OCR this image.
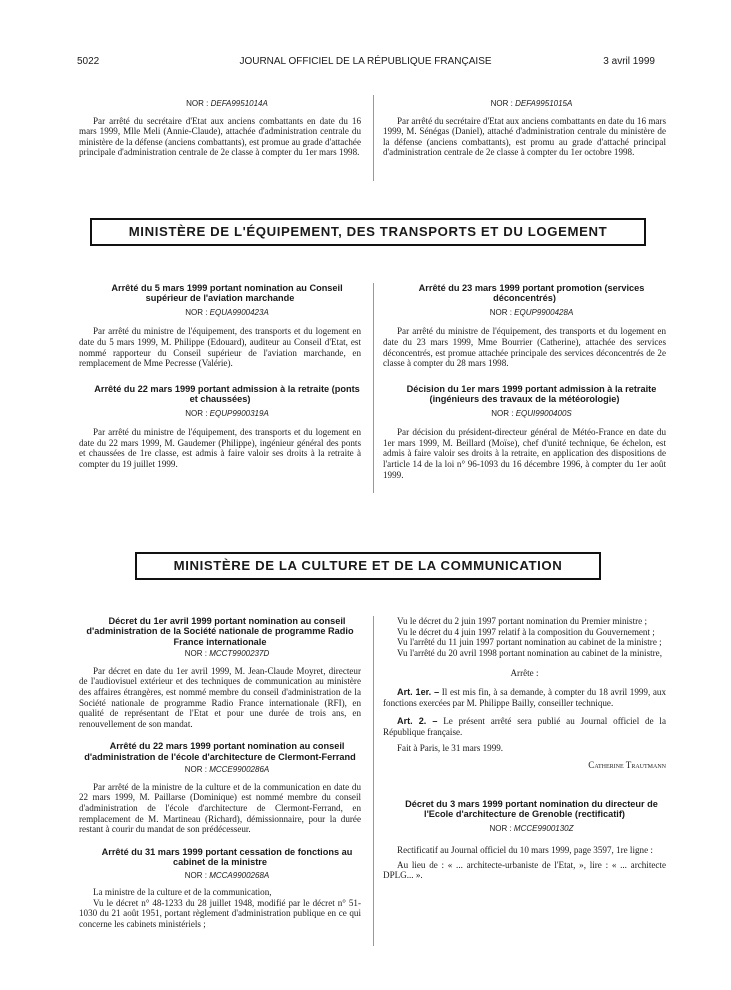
5022	JOURNAL OFFICIEL DE LA RÉPUBLIQUE FRANÇAISE	3 avril 1999

NOR : DEFA9951014A

Par arrêté du secrétaire d'Etat aux anciens combattants en date du 16 mars 1999, Mlle Meli (Annie-Claude), attachée d'administration centrale du ministère de la défense (anciens combattants), est promue au grade d'attachée principale d'administration centrale de 2e classe à compter du 1er mars 1998.

NOR : DEFA9951015A

Par arrêté du secrétaire d'Etat aux anciens combattants en date du 16 mars 1999, M. Sénégas (Daniel), attaché d'administration centrale du ministère de la défense (anciens combattants), est promu au grade d'attaché principal d'administration centrale de 2e classe à compter du 1er octobre 1998.

MINISTÈRE DE L'ÉQUIPEMENT, DES TRANSPORTS ET DU LOGEMENT

Arrêté du 5 mars 1999 portant nomination au Conseil supérieur de l'aviation marchande

NOR : EQUA9900423A

Par arrêté du ministre de l'équipement, des transports et du logement en date du 5 mars 1999, M. Philippe (Edouard), auditeur au Conseil d'Etat, est nommé rapporteur du Conseil supérieur de l'aviation marchande, en remplacement de Mme Pecresse (Valérie).

Arrêté du 22 mars 1999 portant admission à la retraite (ponts et chaussées)

NOR : EQUP9900319A

Par arrêté du ministre de l'équipement, des transports et du logement en date du 22 mars 1999, M. Gaudemer (Philippe), ingénieur général des ponts et chaussées de 1re classe, est admis à faire valoir ses droits à la retraite à compter du 19 juillet 1999.

Arrêté du 23 mars 1999 portant promotion (services déconcentrés)

NOR : EQUP9900428A

Par arrêté du ministre de l'équipement, des transports et du logement en date du 23 mars 1999, Mme Bourrier (Catherine), attachée des services déconcentrés, est promue attachée principale des services déconcentrés de 2e classe à compter du 28 mars 1998.

Décision du 1er mars 1999 portant admission à la retraite (ingénieurs des travaux de la météorologie)

NOR : EQUI9900400S

Par décision du président-directeur général de Météo-France en date du 1er mars 1999, M. Beillard (Moïse), chef d'unité technique, 6e échelon, est admis à faire valoir ses droits à la retraite, en application des dispositions de l'article 14 de la loi n° 96-1093 du 16 décembre 1996, à compter du 1er août 1999.

MINISTÈRE DE LA CULTURE ET DE LA COMMUNICATION

Décret du 1er avril 1999 portant nomination au conseil d'administration de la Société nationale de programme Radio France internationale

NOR : MCCT9900237D

Par décret en date du 1er avril 1999, M. Jean-Claude Moyret, directeur de l'audiovisuel extérieur et des techniques de communication au ministère des affaires étrangères, est nommé membre du conseil d'administration de la Société nationale de programme Radio France internationale (RFI), en qualité de représentant de l'Etat et pour une durée de trois ans, en renouvellement de son mandat.

Arrêté du 22 mars 1999 portant nomination au conseil d'administration de l'école d'architecture de Clermont-Ferrand

NOR : MCCE9900286A

Par arrêté de la ministre de la culture et de la communication en date du 22 mars 1999, M. Paillarse (Dominique) est nommé membre du conseil d'administration de l'école d'architecture de Clermont-Ferrand, en remplacement de M. Martineau (Richard), démissionnaire, pour la durée restant à courir du mandat de son prédécesseur.

Arrêté du 31 mars 1999 portant cessation de fonctions au cabinet de la ministre

NOR : MCCA9900268A

La ministre de la culture et de la communication,

Vu le décret n° 48-1233 du 28 juillet 1948, modifié par le décret n° 51-1030 du 21 août 1951, portant règlement d'administration publique en ce qui concerne les cabinets ministériels ;

Vu le décret du 2 juin 1997 portant nomination du Premier ministre ;

Vu le décret du 4 juin 1997 relatif à la composition du Gouvernement ;

Vu l'arrêté du 11 juin 1997 portant nomination au cabinet de la ministre ;

Vu l'arrêté du 20 avril 1998 portant nomination au cabinet de la ministre,

Arrête :

Art. 1er. – Il est mis fin, à sa demande, à compter du 18 avril 1999, aux fonctions exercées par M. Philippe Bailly, conseiller technique.

Art. 2. – Le présent arrêté sera publié au Journal officiel de la République française.

Fait à Paris, le 31 mars 1999.

Catherine Trautmann

Décret du 3 mars 1999 portant nomination du directeur de l'Ecole d'architecture de Grenoble (rectificatif)

NOR : MCCE9900130Z

Rectificatif au Journal officiel du 10 mars 1999, page 3597, 1re ligne :

Au lieu de : « ... architecte-urbaniste de l'Etat, », lire : « ... architecte DPLG... ».
